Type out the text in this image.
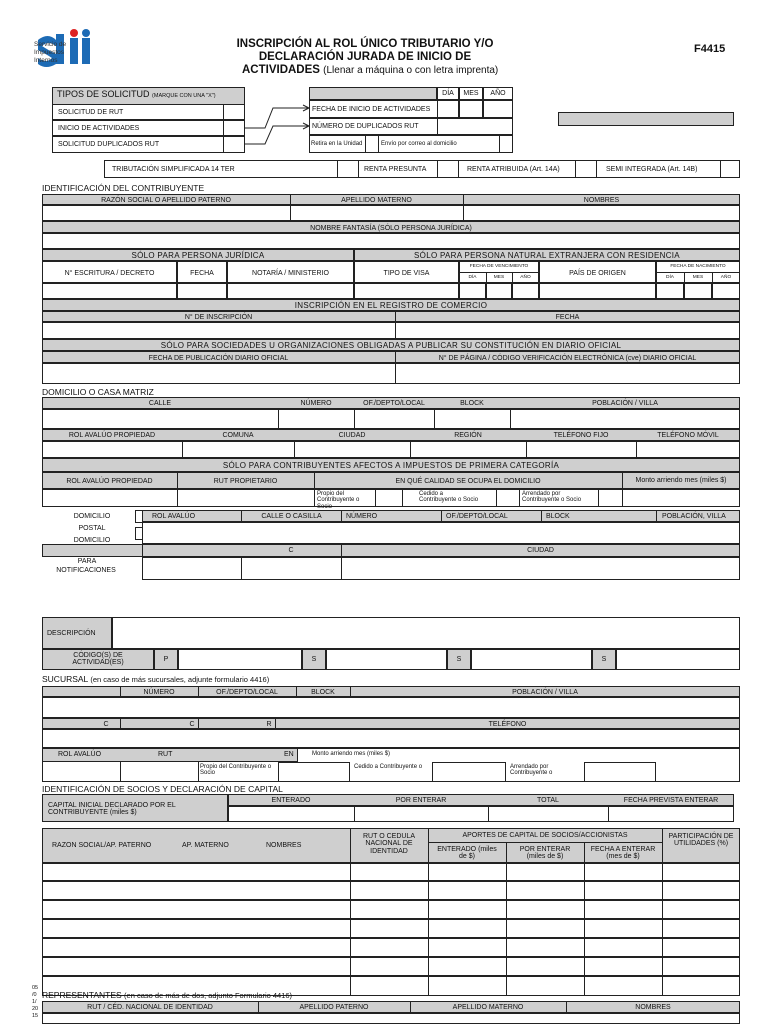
Servicio de
Impuestos
Internos
INSCRIPCIÓN AL ROL ÚNICO TRIBUTARIO Y/O
DECLARACIÓN JURADA DE INICIO DE
ACTIVIDADES (Llenar a máquina o con letra imprenta)
F4415
TIPOS DE SOLICITUD (MARQUE CON UNA "X")
SOLICITUD DE RUT
INICIO DE ACTIVIDADES
SOLICITUD DUPLICADOS RUT
DÍA	MES	AÑO
FECHA DE INICIO DE ACTIVIDADES
NÚMERO DE DUPLICADOS RUT
Retira en la Unidad	Envío por correo al domicilio
TRIBUTACIÓN SIMPLIFICADA 14 TER	RENTA PRESUNTA	RENTA ATRIBUIDA (Art. 14A)	SEMI INTEGRADA (Art. 14B)
IDENTIFICACIÓN DEL CONTRIBUYENTE
RAZÓN SOCIAL O APELLIDO PATERNO	APELLIDO MATERNO	NOMBRES
NOMBRE FANTASÍA (SÓLO PERSONA JURÍDICA)
SÓLO PARA PERSONA JURÍDICA	SÓLO PARA PERSONA NATURAL EXTRANJERA CON RESIDENCIA
N° ESCRITURA / DECRETO	FECHA	NOTARÍA / MINISTERIO	TIPO DE VISA
FECHA DE VENCIMIENTO
DÍA	MES	AÑO
PAÍS DE ORIGEN
FECHA DE NACIMIENTO
DÍA	MES	AÑO
INSCRIPCIÓN EN EL REGISTRO DE COMERCIO
N° DE INSCRIPCIÓN	FECHA
SÓLO PARA SOCIEDADES U ORGANIZACIONES OBLIGADAS A PUBLICAR SU CONSTITUCIÓN EN DIARIO OFICIAL
FECHA DE PUBLICACIÓN DIARIO OFICIAL	N° DE PÁGINA / CÓDIGO VERIFICACIÓN ELECTRÓNICA (cve) DIARIO OFICIAL
DOMICILIO O CASA MATRIZ
CALLE	NÚMERO	OF./DEPTO/LOCAL	BLOCK	POBLACIÓN / VILLA
ROL AVALÚO PROPIEDAD	COMUNA	CIUDAD	REGIÓN	TELÉFONO FIJO	TELÉFONO MÓVIL
SÓLO PARA CONTRIBUYENTES AFECTOS A IMPUESTOS DE PRIMERA CATEGORÍA
ROL AVALÚO PROPIEDAD	RUT PROPIETARIO	EN QUÉ CALIDAD SE OCUPA EL DOMICILIO	Monto arriendo mes (miles $)
Propio del Contribuyente o Socio
Cedido a Contribuyente o Socio
Arrendado por Contribuyente o Socio
DOMICILIO
POSTAL
DOMICILIO
ROL AVALÚO	CALLE O CASILLA	NÚMERO	OF./DEPTO/LOCAL	BLOCK	POBLACIÓN, VILLA
C	CIUDAD
PARA
NOTIFICACIONES
DESCRIPCIÓN
CÓDIGO(S) DE ACTIVIDAD(ES)	P	S	S	S
SUCURSAL (en caso de más sucursales, adjunte formulario 4416)
NÚMERO	OF./DEPTO/LOCAL	BLOCK	POBLACIÓN / VILLA
C	C	R	TELÉFONO
ROL AVALÚO	RUT	EN	Monto arriendo mes (miles $)
Propio del Contribuyente o Socio
Cedido a Contribuyente o	Arrendado por Contribuyente o
IDENTIFICACIÓN DE SOCIOS Y DECLARACIÓN DE CAPITAL
ENTERADO	POR ENTERAR	TOTAL	FECHA PREVISTA ENTERAR
CAPITAL INICIAL DECLARADO POR EL CONTRIBUYENTE (miles $)
RAZON SOCIAL/AP. PATERNO	AP. MATERNO	NOMBRES
RUT O CEDULA NACIONAL DE IDENTIDAD
APORTES DE CAPITAL DE SOCIOS/ACCIONISTAS
ENTERADO (miles de $)
POR ENTERAR (miles de $)
FECHA A ENTERAR (mes de $)
PARTICIPACIÓN DE UTILIDADES (%)
REPRESENTANTES (en caso de más de dos, adjunto Formulario 4416)
RUT / CÉD. NACIONAL DE IDENTIDAD	APELLIDO PATERNO	APELLIDO MATERNO	NOMBRES
05
/0
1/
20
15
